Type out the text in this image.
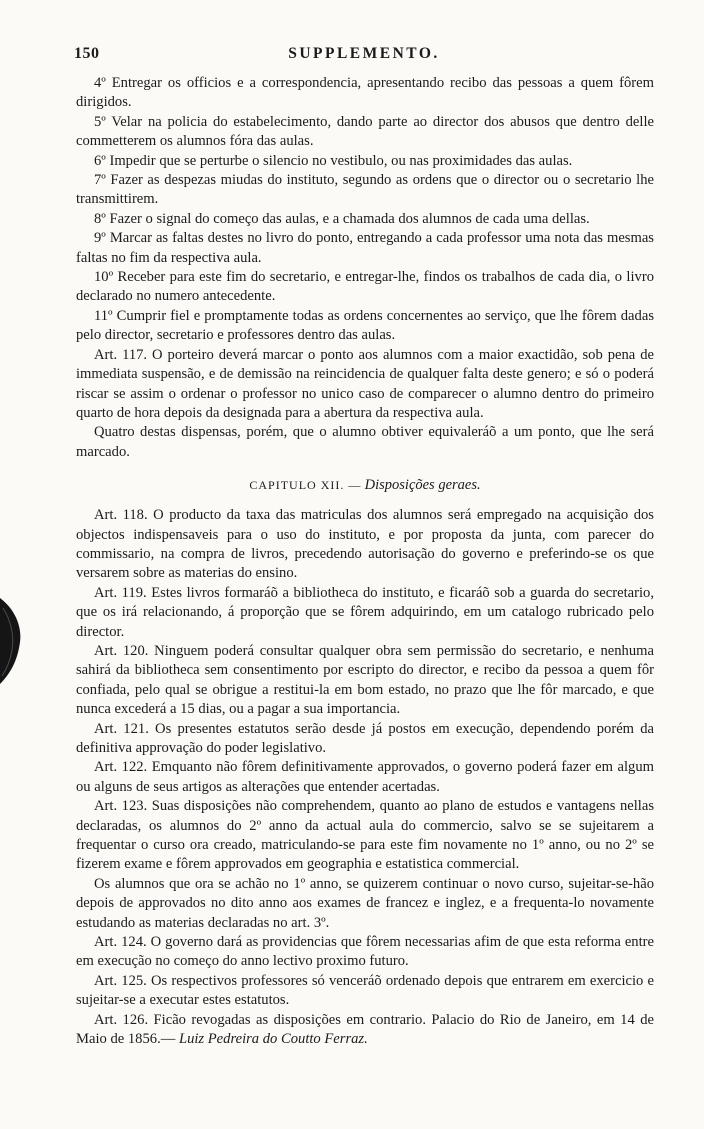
150	SUPPLEMENTO.

4º Entregar os officios e a correspondencia, apresentando recibo das pessoas a quem fôrem dirigidos.

5º Velar na policia do estabelecimento, dando parte ao director dos abusos que dentro delle commetterem os alumnos fóra das aulas.

6º Impedir que se perturbe o silencio no vestibulo, ou nas proximidades das aulas.

7º Fazer as despezas miudas do instituto, segundo as ordens que o director ou o secretario lhe transmittirem.

8º Fazer o signal do começo das aulas, e a chamada dos alumnos de cada uma dellas.

9º Marcar as faltas destes no livro do ponto, entregando a cada professor uma nota das mesmas faltas no fim da respectiva aula.

10º Receber para este fim do secretario, e entregar-lhe, findos os trabalhos de cada dia, o livro declarado no numero antecedente.

11º Cumprir fiel e promptamente todas as ordens concernentes ao serviço, que lhe fôrem dadas pelo director, secretario e professores dentro das aulas.

Art. 117. O porteiro deverá marcar o ponto aos alumnos com a maior exactidão, sob pena de immediata suspensão, e de demissão na reincidencia de qualquer falta deste genero; e só o poderá riscar se assim o ordenar o professor no unico caso de comparecer o alumno dentro do primeiro quarto de hora depois da designada para a abertura da respectiva aula.

Quatro destas dispensas, porém, que o alumno obtiver equivaleráõ a um ponto, que lhe será marcado.

CAPITULO XII. — Disposições geraes.

Art. 118. O producto da taxa das matriculas dos alumnos será empregado na acquisição dos objectos indispensaveis para o uso do instituto, e por proposta da junta, com parecer do commissario, na compra de livros, precedendo autorisação do governo e preferindo-se os que versarem sobre as materias do ensino.

Art. 119. Estes livros formaráõ a bibliotheca do instituto, e ficaráõ sob a guarda do secretario, que os irá relacionando, á proporção que se fôrem adquirindo, em um catalogo rubricado pelo director.

Art. 120. Ninguem poderá consultar qualquer obra sem permissão do secretario, e nenhuma sahirá da bibliotheca sem consentimento por escripto do director, e recibo da pessoa a quem fôr confiada, pelo qual se obrigue a restitui-la em bom estado, no prazo que lhe fôr marcado, e que nunca excederá a 15 dias, ou a pagar a sua importancia.

Art. 121. Os presentes estatutos serão desde já postos em execução, dependendo porém da definitiva approvação do poder legislativo.

Art. 122. Emquanto não fôrem definitivamente approvados, o governo poderá fazer em algum ou alguns de seus artigos as alterações que entender acertadas.

Art. 123. Suas disposições não comprehendem, quanto ao plano de estudos e vantagens nellas declaradas, os alumnos do 2º anno da actual aula do commercio, salvo se se sujeitarem a frequentar o curso ora creado, matriculando-se para este fim novamente no 1º anno, ou no 2º se fizerem exame e fôrem approvados em geographia e estatistica commercial.

Os alumnos que ora se achão no 1º anno, se quizerem continuar o novo curso, sujeitar-se-hão depois de approvados no dito anno aos exames de francez e inglez, e a frequenta-lo novamente estudando as materias declaradas no art. 3º.

Art. 124. O governo dará as providencias que fôrem necessarias afim de que esta reforma entre em execução no começo do anno lectivo proximo futuro.

Art. 125. Os respectivos professores só venceráõ ordenado depois que entrarem em exercicio e sujeitar-se a executar estes estatutos.

Art. 126. Ficão revogadas as disposições em contrario. Palacio do Rio de Janeiro, em 14 de Maio de 1856.— Luiz Pedreira do Coutto Ferraz.
